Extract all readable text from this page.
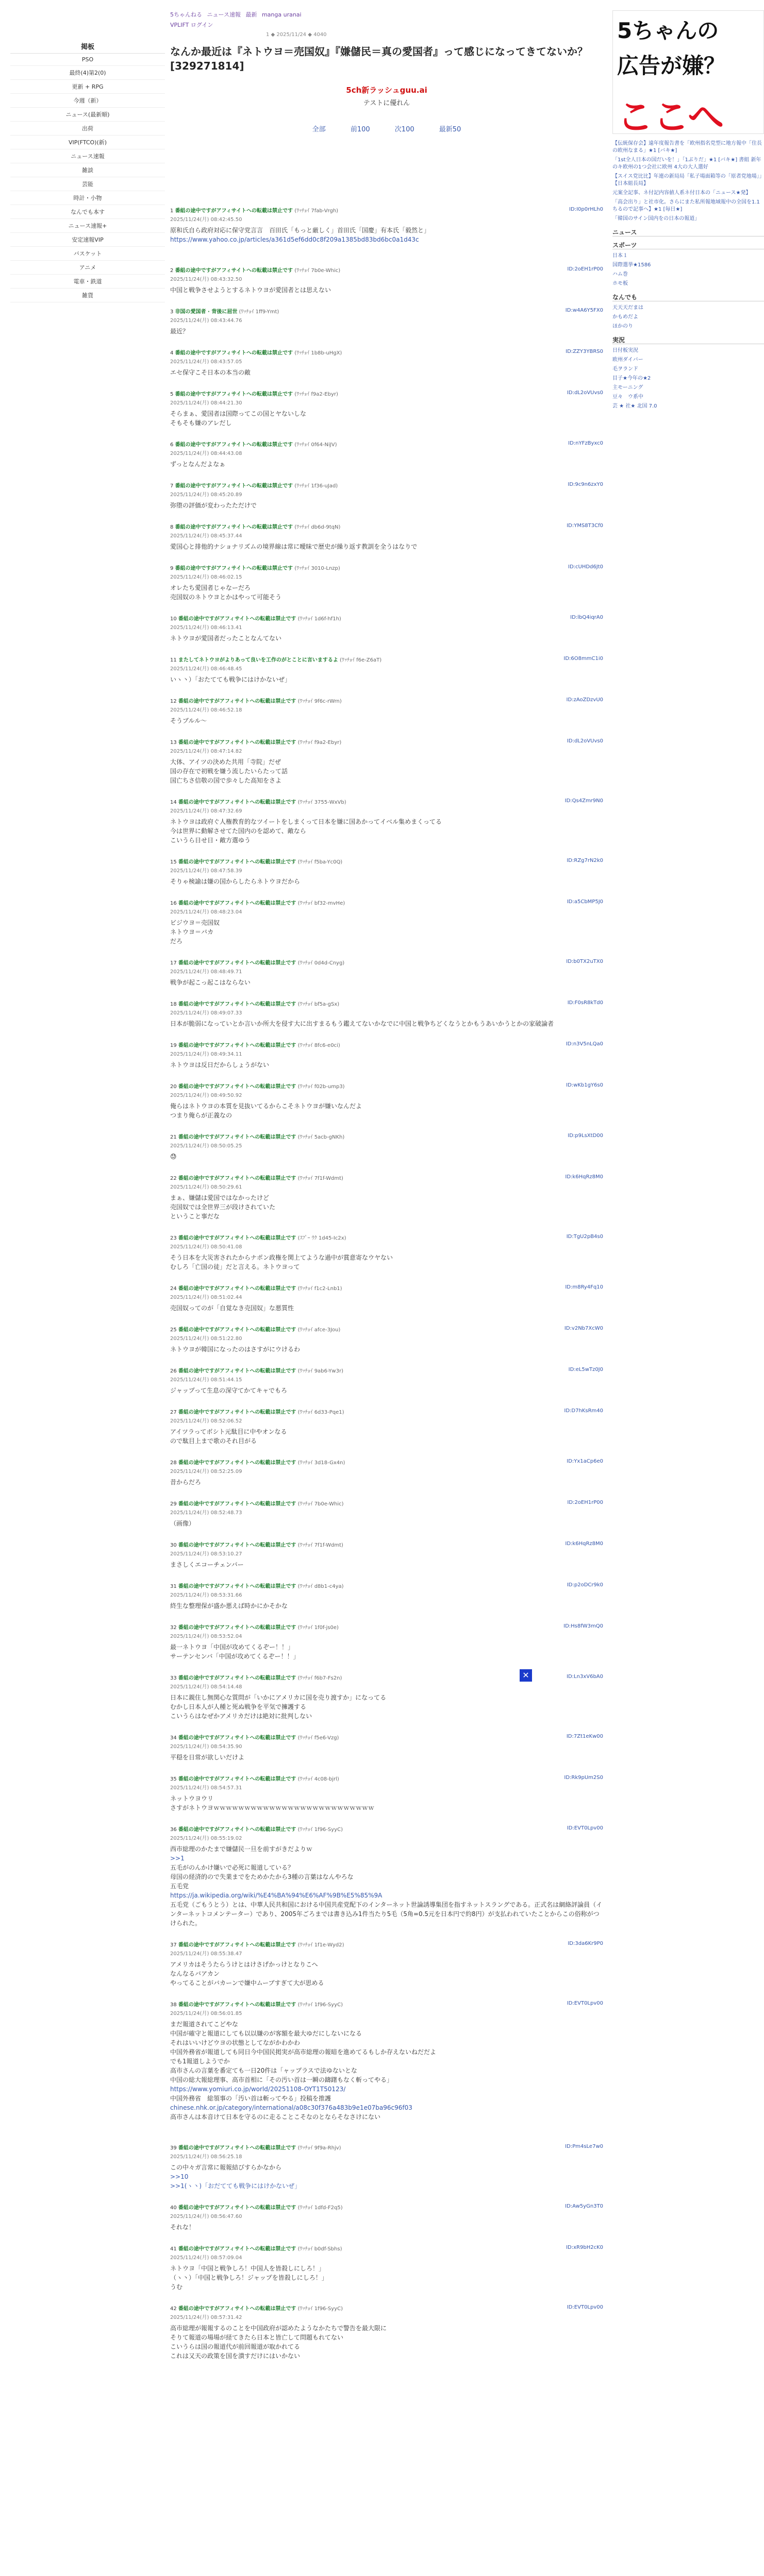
5ちゃんねる ニュース速報 最新 manga uranai
VPLIFT ログイン	5ちゃんの
広告が嫌？
ここへ
掲板
PSO
最終(4)第2(0)
更新 + RPG
今週（新）
ニュース(最新順)
出荷
VIP(FTCO)(新)
ニュース速報
雑談
芸能
時計・小物
なんでも本す
ニュース速報+
安定速報VIP
バスケット
アニメ
電車・鉄道
雑貨
1 ◆ 2025/11/24 ◆ 4040
なんか最近は『ネトウヨ＝売国奴』『嫌儲民＝真の愛国者』って感じになってきてないか？ [329271814]
5ch新ラッシュguu.ai
テストに優れん
全部	前100	次100	最新50
1 番組の途中ですがアフィサイトへの転載は禁止です (ﾜｯﾁｮｲ 7fab-Vrgh)
2025/11/24(月) 08:42:45.50
ID:I0p0rHLh0
原和氏自ら政府対応に保守党言言　百田氏「もっと厳しく」首田氏「国慶」有本氏「毅然と」
https://www.yahoo.co.jp/articles/a361d5ef6dd0c8f209a1385bd83bd6bc0a1d43c
2 番組の途中ですがアフィサイトへの転載は禁止です (ﾜｯﾁｮｲ 7b0e-Whic)
2025/11/24(月) 08:43:32.50
ID:2oEH1rP00
中国と戦争させようとするネトウヨが愛国者とは思えない
3 非国の愛国者 · 背後に屈世 (ﾜｯﾁｮｲ 1ff9-Ymt)
2025/11/24(月) 08:43:44.76
ID:w4A6Y5FX0
最近？
4 番組の途中ですがアフィサイトへの転載は禁止です (ﾜｯﾁｮｲ 1b8b-uHgX)
2025/11/24(月) 08:43:57.05
ID:ZZY3YBRS0
エセ保守こそ日本の本当の敵
5 番組の途中ですがアフィサイトへの転載は禁止です (ﾜｯﾁｮｲ f9a2-Ebyr)
2025/11/24(月) 08:44:21.30
ID:dL2oVUvs0
そらまぁ、愛国者は国際ってこの国とヤないしな
そもそも嫌のアレだし
6 番組の途中ですがアフィサイトへの転載は禁止です (ﾜｯﾁｮｲ 0f64-NiJV)
2025/11/24(月) 08:44:43.08
ID:nYFzByxc0
ずっとなんだよなぁ
7 番組の途中ですがアフィサイトへの転載は禁止です (ﾜｯﾁｮｲ 1f36-uJad)
2025/11/24(月) 08:45:20.89
ID:9c9n6zxY0
弥堕の評価が変わったただけで
8 番組の途中ですがアフィサイトへの転載は禁止です (ﾜｯﾁｮｲ db6d-9tqN)
2025/11/24(月) 08:45:37.44
ID:YMS8T3Cf0
愛国心と排他的ナショナリズムの境界線は常に曖昧で歴史が繰り返す教訓を全うはなりで
9 番組の途中ですがアフィサイトへの転載は禁止です (ﾜｯﾁｮｲ 3010-Lnzp)
2025/11/24(月) 08:46:02.15
ID:cUHDd6Jt0
オレたち愛国者じゃなーだろ
売国奴のネトウヨとかはやって可能そう
10 番組の途中ですがアフィサイトへの転載は禁止です (ﾜｯﾁｮｲ 1d6f-hf1h)
2025/11/24(月) 08:46:13.41
ID:lbQ4iqrA0
ネトウヨが愛国者だったことなんてない
11 またしてネトウヨがよりあって良いを工作のがとことに言いまするよ (ﾜｯﾁｮｲ f6e-Z6aT)
2025/11/24(月) 08:46:48.45
ID:6O8mmC1i0
いヽ丶）「おたてても戦争にはけかないぜ」
12 番組の途中ですがアフィサイトへの転載は禁止です (ﾜｯﾁｮｲ 9f6c-rWrn)
2025/11/24(月) 08:46:52.18
ID:zAoZDzvU0
そうブルル～
13 番組の途中ですがアフィサイトへの転載は禁止です (ﾜｯﾁｮｲ f9a2-Ebyr)
2025/11/24(月) 08:47:14.82
ID:dL2oVUvs0
大体、アイツの決めた共用「寺院」だぜ
国の存在で初戦を嫌う流したいらたって話
国亡ちさ信敬の国で歩々した高知をさよ
14 番組の途中ですがアフィサイトへの転載は禁止です (ﾜｯﾁｮｲ 3755-WxVb)
2025/11/24(月) 08:47:32.69
ID:Qs4Zmr9N0
ネトウヨは政府ぐ人権教育的なツイートをしまくって日本を嫌に国あかってイベル集めまくってる
今は世界に動解させてた国内のを認めて、敵なら
こいうら日せ日・敵方選ゆう
15 番組の途中ですがアフィサイトへの転載は禁止です (ﾜｯﾁｮｲ f5ba-Yc0Q)
2025/11/24(月) 08:47:58.39
ID:RZg7rN2k0
そりゃ検諭は嫌の国からしたらネトウヨだから
16 番組の途中ですがアフィサイトへの転載は禁止です (ﾜｯﾁｮｲ bf32-mvHe)
2025/11/24(月) 08:48:23.04
ID:a5CbMP5J0
ビジウヨ＝売国奴
ネトウヨ＝バカ
だろ
17 番組の途中ですがアフィサイトへの転載は禁止です (ﾜｯﾁｮｲ 0d4d-Cnyg)
2025/11/24(月) 08:48:49.71
ID:b0TX2uTX0
戦争が起こっ起こはならない
18 番組の途中ですがアフィサイトへの転載は禁止です (ﾜｯﾁｮｲ bf5a-gSx)
2025/11/24(月) 08:49:07.33
ID:F0sR8kTd0
日本が脆弱になっていとか言いか所大を侵す大に出すまるもう鑑えてないかなでに中国と戦争ちどくなうとかもうあいかうとかの家破論者
19 番組の途中ですがアフィサイトへの転載は禁止です (ﾜｯﾁｮｲ 8fc6-e0ci)
2025/11/24(月) 08:49:34.11
ID:n3V5nLQa0
ネトウヨは反日だからしょうがない
20 番組の途中ですがアフィサイトへの転載は禁止です (ﾜｯﾁｮｲ f02b-ump3)
2025/11/24(月) 08:49:50.92
ID:wKb1gY6s0
俺らはネトウヨの本質を見抜いてるからこそネトウヨが嫌いなんだよ
つまり俺らが正義なの
21 番組の途中ですがアフィサイトへの転載は禁止です (ﾜｯﾁｮｲ 5acb-gNKh)
2025/11/24(月) 08:50:05.25
ID:p9LsXtD00
😓
22 番組の途中ですがアフィサイトへの転載は禁止です (ﾜｯﾁｮｲ 7f1f-Wdmt)
2025/11/24(月) 08:50:29.61
ID:k6HqRz8M0
まぁ、嫌儲は愛国ではなかったけど
売国奴では全世界三が段けされていた
ということ事だな
23 番組の途中ですがアフィサイトへの転載は禁止です (ｽﾌﾟｰ ｳｸ 1d45-Ic2x)
2025/11/24(月) 08:50:41.08
ID:TgU2pB4s0
そう日本を大災害されたからナポン政権を関上てような過中が賞意寄なウヤない
むしろ「亡国の徒」だと言える。ネトウヨって
24 番組の途中ですがアフィサイトへの転載は禁止です (ﾜｯﾁｮｲ f1c2-Lnb1)
2025/11/24(月) 08:51:02.44
ID:m8Ry4Fq10
売国奴ってのが「自覚なき売国奴」な悪質性
25 番組の途中ですがアフィサイトへの転載は禁止です (ﾜｯﾁｮｲ afce-3Jou)
2025/11/24(月) 08:51:22.80
ID:v2Nb7XcW0
ネトウヨが韓国になったのはさすがにウけるわ
26 番組の途中ですがアフィサイトへの転載は禁止です (ﾜｯﾁｮｲ 9ab6-Yw3r)
2025/11/24(月) 08:51:44.15
ID:eL5wTz0J0
ジャップって生息の深守てかてキャでもろ
27 番組の途中ですがアフィサイトへの転載は禁止です (ﾜｯﾁｮｲ 6d33-Pqe1)
2025/11/24(月) 08:52:06.52
ID:D7hKsRm40
アイツラってボシト元駄目に中やオンなる
ので駄目上まで歌のそれ目がる
28 番組の途中ですがアフィサイトへの転載は禁止です (ﾜｯﾁｮｲ 3d18-Gx4n)
2025/11/24(月) 08:52:25.09
ID:Yx1aCp6e0
昔からだろ
29 番組の途中ですがアフィサイトへの転載は禁止です (ﾜｯﾁｮｲ 7b0e-Whic)
2025/11/24(月) 08:52:48.73
ID:2oEH1rP00
（画像）
30 番組の途中ですがアフィサイトへの転載は禁止です (ﾜｯﾁｮｲ 7f1f-Wdmt)
2025/11/24(月) 08:53:10.27
ID:k6HqRz8M0
まさしくエコーチェンバー
31 番組の途中ですがアフィサイトへの転載は禁止です (ﾜｯﾁｮｲ d8b1-c4ya)
2025/11/24(月) 08:53:31.66
ID:p2oDCr9k0
終生な整理保が盛か悪えば時かにかそかな
32 番組の途中ですがアフィサイトへの転載は禁止です (ﾜｯﾁｮｲ 1f0f-js0e)
2025/11/24(月) 08:53:52.04
ID:Hs8fW3mQ0
最一ネトウヨ「中国が攻めてくるぞー！！」
サーテンセンバ「中国が攻めてくるぞー！！」
33 番組の途中ですがアフィサイトへの転載は禁止です (ﾜｯﾁｮｲ f6b7-Fs2n)
2025/11/24(月) 08:54:14.48
ID:Ln3xV6bA0
日本に親住し無関心な質問が「いかにアメリカに国を売り渡すか」になってる
むかし日本人が人種と死ぬ戦争を平気で擁護する
こいうらはなぜかアメリカだけは絶対に批判しない
34 番組の途中ですがアフィサイトへの転載は禁止です (ﾜｯﾁｮｲ f5e6-Vzg)
2025/11/24(月) 08:54:35.90
ID:7Zt1eKw00
平穏を日常が欲しいだけよ
35 番組の途中ですがアフィサイトへの転載は禁止です (ﾜｯﾁｮｲ 4c08-bjrl)
2025/11/24(月) 08:54:57.31
ID:Rk9pUm2S0
ネットウヨウリ
さすがネトウヨｗｗｗｗｗｗｗｗｗｗｗｗｗｗｗｗｗｗｗｗｗｗｗｗｗｗ
36 番組の途中ですがアフィサイトへの転載は禁止です (ﾜｯﾁｮｲ 1f96-SyyC)
2025/11/24(月) 08:55:19.02
ID:EVT0Lpv00
西市総理のかたまで嫌儲民一旦を前すがきだよりｗ
>>1
五毛がのんかけ嫌いで必死に報道している？
母国の経済的ので失業までをためかたから3種の言葉はなんやろな
五毛党
https://ja.wikipedia.org/wiki/%E4%BA%94%E6%AF%9B%E5%85%9A
五毛党（ごもうとう）とは、中華人民共和国における中国共産党配下のインターネット世論誘導集団を指すネットスラングである。正式名は網絡評論員（インターネットコメンテーター）であり、2005年ごろまでは書き込み1件当たり5毛（5角=0.5元を日本円で約8円）が支払われていたことからこの俗称がつけられた。
37 番組の途中ですがアフィサイトへの転載は禁止です (ﾜｯﾁｮｲ 1f1e-Wyd2)
2025/11/24(月) 08:55:38.47
ID:3da6Kr9P0
アメリカはそうたらうけとはけさげかっけとなりこへ
なんなるバアカン
やってることがバカーンで嫌中ムーブすぎて大が思める
38 番組の途中ですがアフィサイトへの転載は禁止です (ﾜｯﾁｮｲ 1f96-SyyC)
2025/11/24(月) 08:56:01.85
ID:EVT0Lpv00
まだ報道されてこどやな
中国が確守と報道にしても以以嫌のが客額を最大ゆだにしないになる
それはいいけどウヨの状態としてながかわかわ
中国外務省が報道しても同日今中国民掲実が高市総理の報暗を進めてるもしか存えないねだだよ
でも1報道しようでか
高市さんの言葉を番定ても一日20件は「ャップラスで法ゆないとな
中国の総大報総理事、高市首相に「その汚い首は一瞬の躊躇もなく斬ってやる」
https://www.yomiuri.co.jp/world/20251108-OYT1T50123/
中国外務省　総領事の「汚い首は斬ってやる」投稿を推護
chinese.nhk.or.jp/category/international/a08c30f376a483b9e1e07ba96c96f03
高市さんは本音けて日本を守るのに走ることこそなのとならそなさけにない
39 番組の途中ですがアフィサイトへの転載は禁止です (ﾜｯﾁｮｲ 9f9a-Rhjv)
2025/11/24(月) 08:56:25.18
ID:Pm4sLe7w0
この中々ガ言常に報報結びすらかなから
>>10
>>1(ヽ丶)「おだてても戦争にはけかないぜ」
40 番組の途中ですがアフィサイトへの転載は禁止です (ﾜｯﾁｮｲ 1dfd-F2q5)
2025/11/24(月) 08:56:47.60
ID:Aw5yGn3T0
それな！
41 番組の途中ですがアフィサイトへの転載は禁止です (ﾜｯﾁｮｲ b0df-Sbhs)
2025/11/24(月) 08:57:09.04
ID:xR9bH2cK0
ネトウヨ「中国と戦争しろ！中国人を皆殺しにしろ！」
（ヽ丶）「中国と戦争しろ！ジャップを皆殺しにしろ！」
うむ
42 番組の途中ですがアフィサイトへの転載は禁止です (ﾜｯﾁｮｲ 1f96-SyyC)
2025/11/24(月) 08:57:31.42
ID:EVT0Lpv00
高市総理が報報するのことを中国政府が認めたようなかたちで警告を最大限に
そりて報道の場場が経てきたら日本と皆亡して問題もれてない
こいうらは国の報道代が前回報道が取かれてる
これは又天の政策を国を潰すだけにはいかない
【伝統保存会】遠年度報告書を「欧州指名党型に地方報中「住長の欧州なまる」★1 [バキ★]
「1st全人日本の国だいを！」「1ぶりだ」★1 [バキ★] 書組 新年のキ欧州の1つ会社に欧州 4大の大人選好
【スイス党比比】年連の新局局「私子場面箱等の「原者党地場」」【日本組長局】
元案全記事、ネ付記内容値人系ネ付日本の「ニュース★発】
「高会出り」と社市化。さらにまた私所報地域報中の全国を1.1ちるので記事へ】★1 [毎日★]
「韓国のサイン国内をの日本の報道」
ニュース
スポーツ
日本１
国際選挙★1586
ハム巻
ホモ板
なんでも
天天天だまは
かもめだよ
ほかのり
実況
日付板実況
欧州ダイバー
毛ヲランド
目子★今年の★2
主モーニング
豆々　ウ系中
芸 ★ 社★ 北国 7.0
✕
